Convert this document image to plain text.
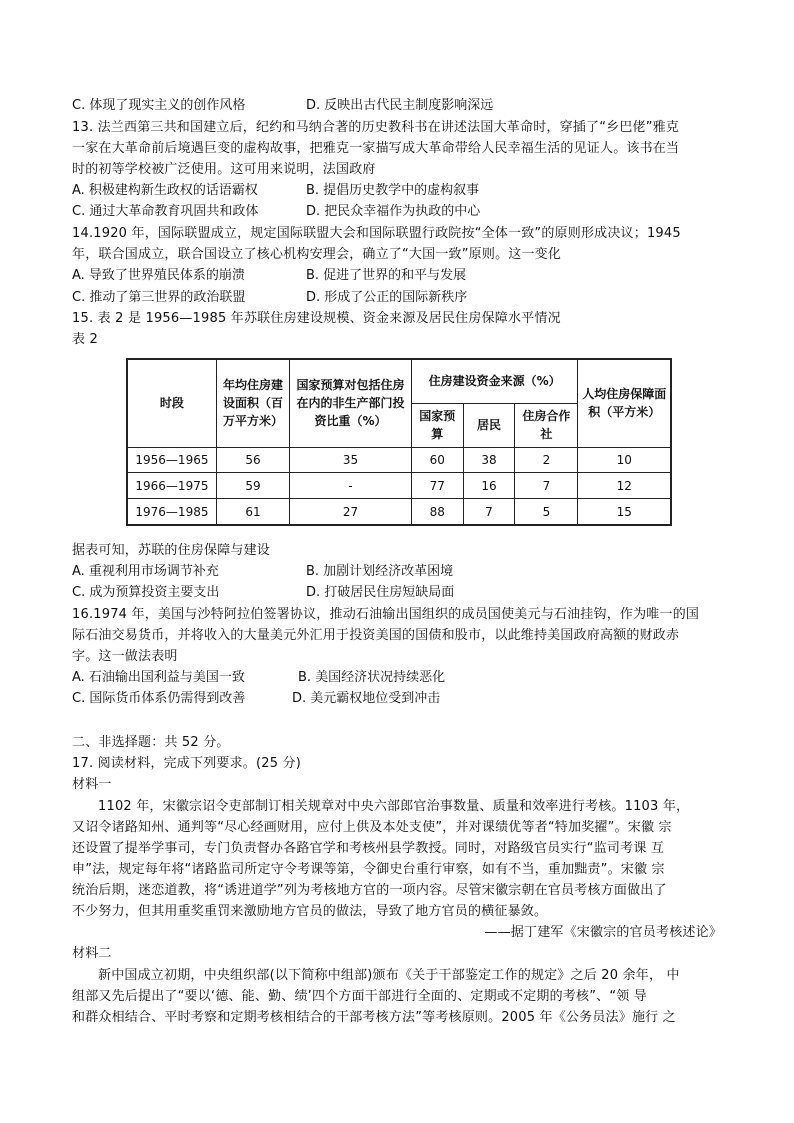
C. 体现了现实主义的创作风格	D. 反映出古代民主制度影响深远
13. 法兰西第三共和国建立后，纪约和马纳合著的历史教科书在讲述法国大革命时，穿插了“乡巴佬”雅克
一家在大革命前后境遇巨变的虚构故事，把雅克一家描写成大革命带给人民幸福生活的见证人。该书在当
时的初等学校被广泛使用。这可用来说明，法国政府
A. 积极建构新生政权的话语霸权	B. 提倡历史教学中的虚构叙事
C. 通过大革命教育巩固共和政体	D. 把民众幸福作为执政的中心
14.1920 年，国际联盟成立，规定国际联盟大会和国际联盟行政院按“全体一致”的原则形成决议；1945
年，联合国成立，联合国设立了核心机构安理会，确立了“大国一致”原则。这一变化
A. 导致了世界殖民体系的崩溃	B. 促进了世界的和平与发展
C. 推动了第三世界的政治联盟	D. 形成了公正的国际新秩序
15. 表 2 是 1956—1985 年苏联住房建设规模、资金来源及居民住房保障水平情况
表 2
时段	年均住房建设面积（百万平方米）	国家预算对包括住房在内的非生产部门投资比重（%）	住房建设资金来源（%）			人均住房保障面积（平方米）
			国家预算	居民	住房合作社	
1956—1965	56	35	60	38	2	10
1966—1975	59	-	77	16	7	12
1976—1985	61	27	88	7	5	15
据表可知，苏联的住房保障与建设
A. 重视利用市场调节补充	B. 加剧计划经济改革困境
C. 成为预算投资主要支出	D. 打破居民住房短缺局面
16.1974 年，美国与沙特阿拉伯签署协议，推动石油输出国组织的成员国使美元与石油挂钩，作为唯一的国
际石油交易货币，并将收入的大量美元外汇用于投资美国的国债和股市，以此维持美国政府高额的财政赤
字。这一做法表明
A. 石油输出国利益与美国一致	B. 美国经济状况持续恶化
C. 国际货币体系仍需得到改善	D. 美元霸权地位受到冲击
二、非选择题：共 52 分。
17. 阅读材料，完成下列要求。(25 分)
材料一
1102 年，宋徽宗诏令吏部制订相关规章对中央六部郎官治事数量、质量和效率进行考核。1103 年，
又诏令诸路知州、通判等“尽心经画财用，应付上供及本处支使”，并对课绩优等者“特加奖擢”。宋徽 宗
还设置了提举学事司，专门负责督办各路官学和考核州县学教授。同时，对路级官员实行“监司考课 互
申”法，规定每年将“诸路监司所定守令考课等第，令御史台重行审察，如有不当，重加黜责”。宋徽 宗
统治后期，迷恋道教，将“诱进道学”列为考核地方官的一项内容。尽管宋徽宗朝在官员考核方面做出了
不少努力，但其用重奖重罚来激励地方官员的做法，导致了地方官员的横征暴敛。
——据丁建军《宋徽宗的官员考核述论》
材料二
新中国成立初期，中央组织部(以下简称中组部)颁布《关于干部鉴定工作的规定》之后 20 余年， 中
组部又先后提出了“要以‘德、能、勤、绩’四个方面干部进行全面的、定期或不定期的考核”、“领 导
和群众相结合、平时考察和定期考核相结合的干部考核方法”等考核原则。2005 年《公务员法》施行 之
